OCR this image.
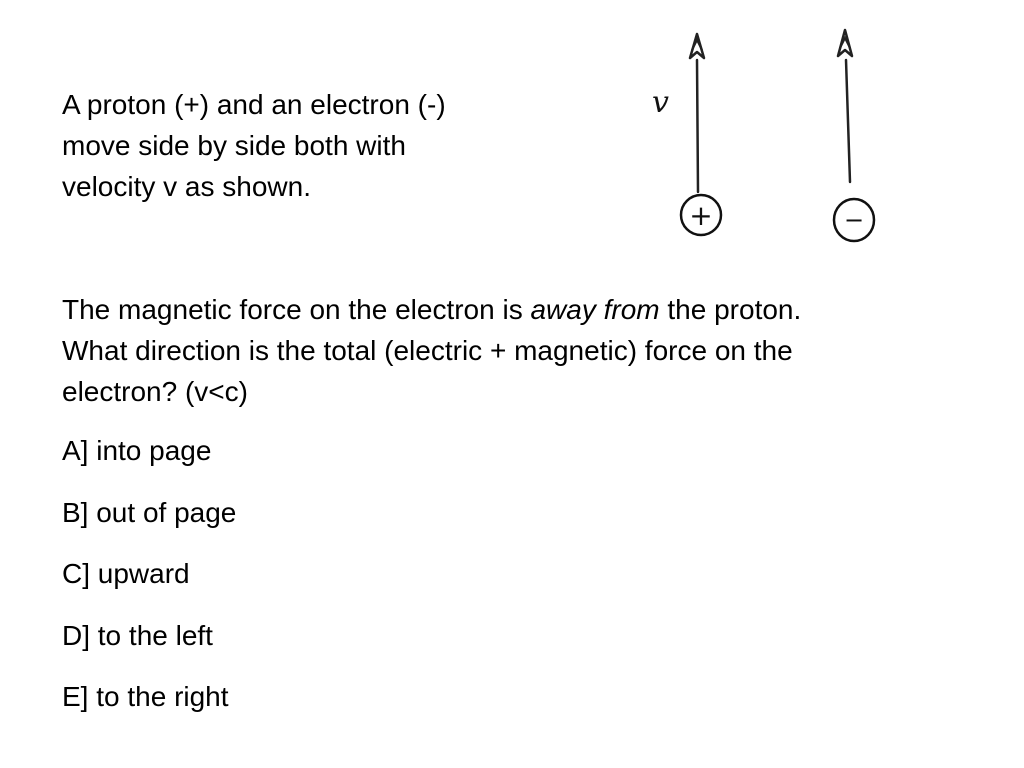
A proton (+) and an electron (-)
move side by side both with
velocity v as shown.
v
+	−
The magnetic force on the electron is away from the proton.
What direction is the total (electric + magnetic) force on the
electron? (v<c)
A] into page
B] out of page
C] upward
D] to the left
E] to the right
